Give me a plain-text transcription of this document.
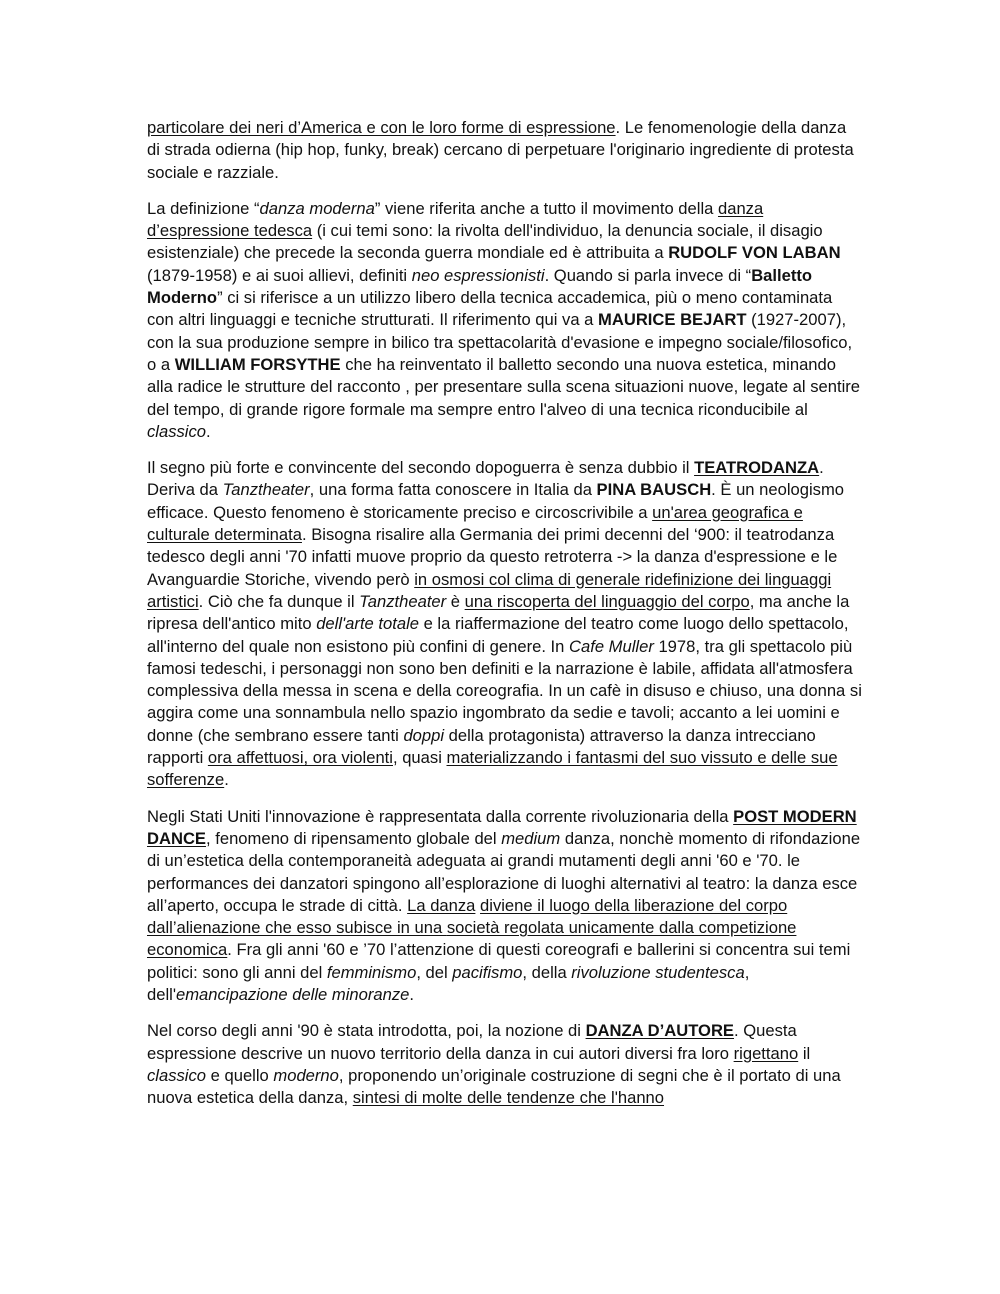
particolare dei neri d’America e con le loro forme di espressione. Le fenomenologie della danza di strada odierna (hip hop, funky, break) cercano di perpetuare l'originario ingrediente di protesta sociale e razziale.

La definizione “danza moderna” viene riferita anche a tutto il movimento della danza d’espressione tedesca (i cui temi sono: la rivolta dell'individuo, la denuncia sociale, il disagio esistenziale) che precede la seconda guerra mondiale ed è attribuita a RUDOLF VON LABAN (1879-1958) e ai suoi allievi, definiti neo espressionisti. Quando si parla invece di “Balletto Moderno” ci si riferisce a un utilizzo libero della tecnica accademica, più o meno contaminata con altri linguaggi e tecniche strutturati. Il riferimento qui va a MAURICE BEJART (1927-2007), con la sua produzione sempre in bilico tra spettacolarità d'evasione e impegno sociale/filosofico, o a WILLIAM FORSYTHE che ha reinventato il balletto secondo una nuova estetica, minando alla radice le strutture del racconto , per presentare sulla scena situazioni nuove, legate al sentire del tempo, di grande rigore formale ma sempre entro l'alveo di una tecnica riconducibile al classico.

Il segno più forte e convincente del secondo dopoguerra è senza dubbio il TEATRODANZA. Deriva da Tanztheater, una forma fatta conoscere in Italia da PINA BAUSCH. È un neologismo efficace. Questo fenomeno è storicamente preciso e circoscrivibile a un'area geografica e culturale determinata. Bisogna risalire alla Germania dei primi decenni del ‘900: il teatrodanza tedesco degli anni '70 infatti muove proprio da questo retroterra -> la danza d'espressione e le Avanguardie Storiche, vivendo però in osmosi col clima di generale ridefinizione dei linguaggi artistici. Ciò che fa dunque il Tanztheater è una riscoperta del linguaggio del corpo, ma anche la ripresa dell'antico mito dell'arte totale e la riaffermazione del teatro come luogo dello spettacolo, all'interno del quale non esistono più confini di genere. In Cafe Muller 1978, tra gli spettacolo più famosi tedeschi, i personaggi non sono ben definiti e la narrazione è labile, affidata all'atmosfera complessiva della messa in scena e della coreografia. In un cafè in disuso e chiuso, una donna si aggira come una sonnambula nello spazio ingombrato da sedie e tavoli; accanto a lei uomini e donne (che sembrano essere tanti doppi della protagonista) attraverso la danza intrecciano rapporti ora affettuosi, ora violenti, quasi materializzando i fantasmi del suo vissuto e delle sue sofferenze.

Negli Stati Uniti l'innovazione è rappresentata dalla corrente rivoluzionaria della POST MODERN DANCE, fenomeno di ripensamento globale del medium danza, nonchè momento di rifondazione di un’estetica della contemporaneità adeguata ai grandi mutamenti degli anni '60 e '70. le performances dei danzatori spingono all’esplorazione di luoghi alternativi al teatro: la danza esce all’aperto, occupa le strade di città. La danza diviene il luogo della liberazione del corpo dall’alienazione che esso subisce in una società regolata unicamente dalla competizione economica. Fra gli anni '60 e ’70 l’attenzione di questi coreografi e ballerini si concentra sui temi politici: sono gli anni del femminismo, del pacifismo, della rivoluzione studentesca, dell'emancipazione delle minoranze.

Nel corso degli anni '90 è stata introdotta, poi, la nozione di DANZA D’AUTORE. Questa espressione descrive un nuovo territorio della danza in cui autori diversi fra loro rigettano il classico e quello moderno, proponendo un’originale costruzione di segni che è il portato di una nuova estetica della danza, sintesi di molte delle tendenze che l'hanno
